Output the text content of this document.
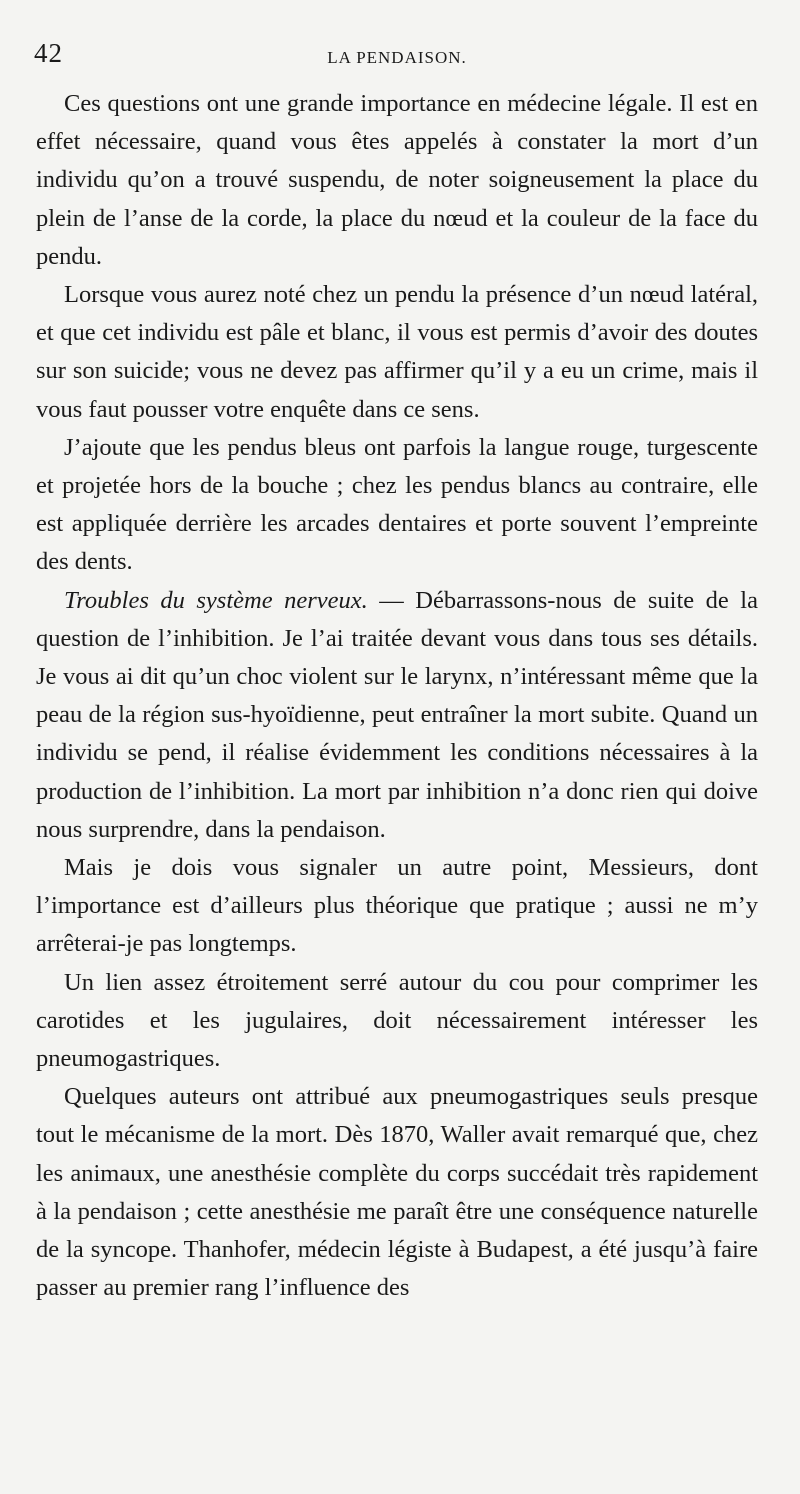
42	LA PENDAISON.

Ces questions ont une grande importance en médecine légale. Il est en effet nécessaire, quand vous êtes appelés à constater la mort d’un individu qu’on a trouvé suspendu, de noter soigneusement la place du plein de l’anse de la corde, la place du nœud et la couleur de la face du pendu.

Lorsque vous aurez noté chez un pendu la présence d’un nœud latéral, et que cet individu est pâle et blanc, il vous est permis d’avoir des doutes sur son suicide; vous ne devez pas affirmer qu’il y a eu un crime, mais il vous faut pousser votre enquête dans ce sens.

J’ajoute que les pendus bleus ont parfois la langue rouge, turgescente et projetée hors de la bouche ; chez les pendus blancs au contraire, elle est appliquée derrière les arcades dentaires et porte souvent l’empreinte des dents.

Troubles du système nerveux. — Débarrassons-nous de suite de la question de l’inhibition. Je l’ai traitée devant vous dans tous ses détails. Je vous ai dit qu’un choc violent sur le larynx, n’intéressant même que la peau de la région sus-hyoïdienne, peut entraîner la mort subite. Quand un individu se pend, il réalise évidemment les conditions nécessaires à la production de l’inhibition. La mort par inhibition n’a donc rien qui doive nous surprendre, dans la pendaison.

Mais je dois vous signaler un autre point, Messieurs, dont l’importance est d’ailleurs plus théorique que pratique ; aussi ne m’y arrêterai-je pas longtemps.

Un lien assez étroitement serré autour du cou pour comprimer les carotides et les jugulaires, doit nécessairement intéresser les pneumogastriques.

Quelques auteurs ont attribué aux pneumogastriques seuls presque tout le mécanisme de la mort. Dès 1870, Waller avait remarqué que, chez les animaux, une anesthésie complète du corps succédait très rapidement à la pendaison ; cette anesthésie me paraît être une conséquence naturelle de la syncope. Thanhofer, médecin légiste à Budapest, a été jusqu’à faire passer au premier rang l’influence des
